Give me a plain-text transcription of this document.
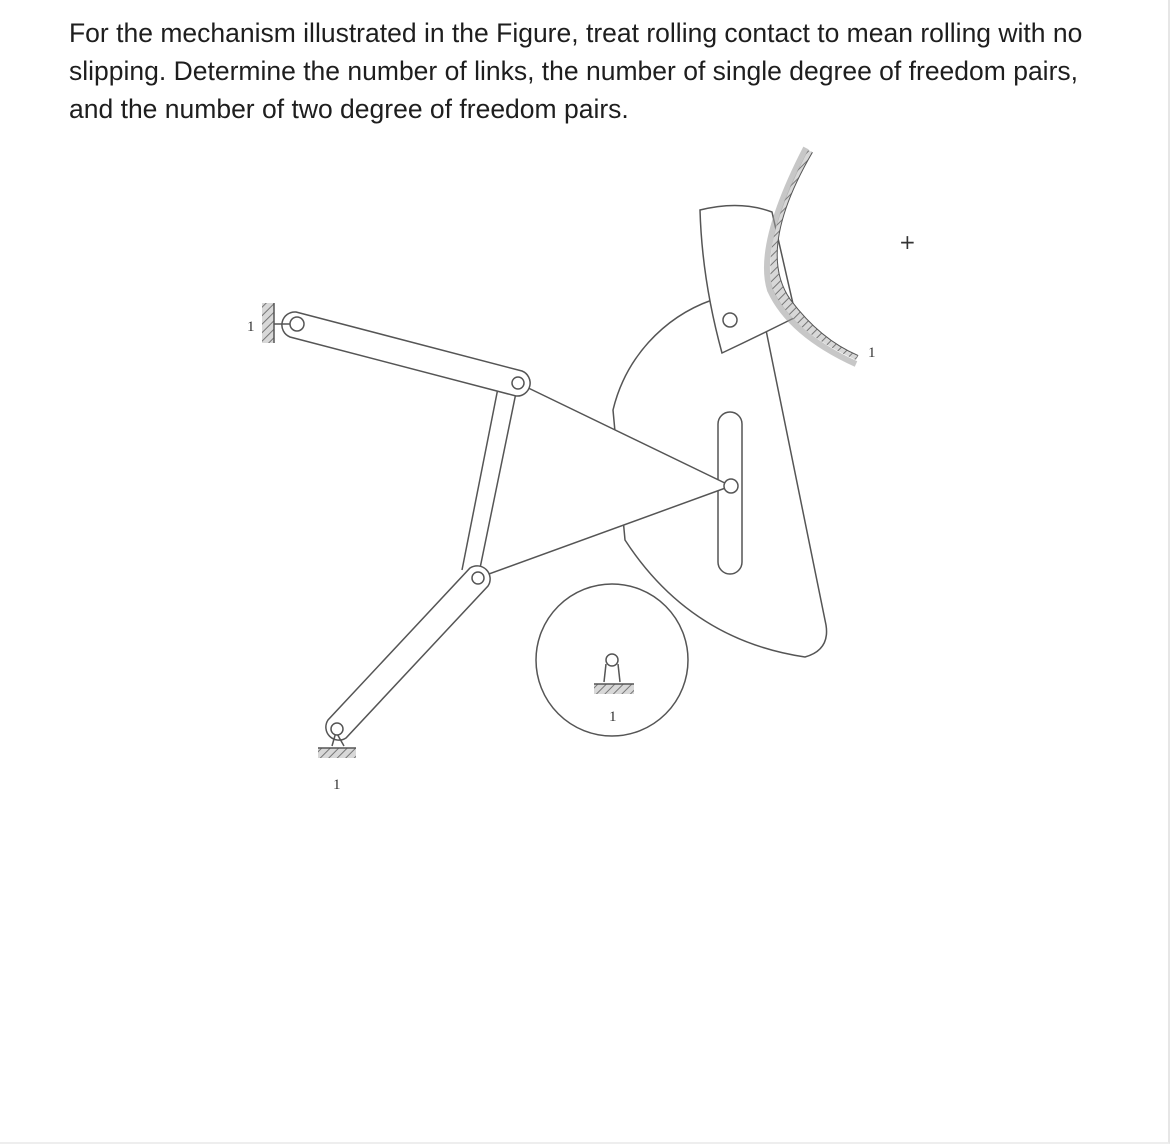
For the mechanism illustrated in the Figure, treat rolling contact to mean rolling with no slipping. Determine the number of links, the number of single degree of freedom pairs, and the number of two degree of freedom pairs.

1
1
1
1
+
